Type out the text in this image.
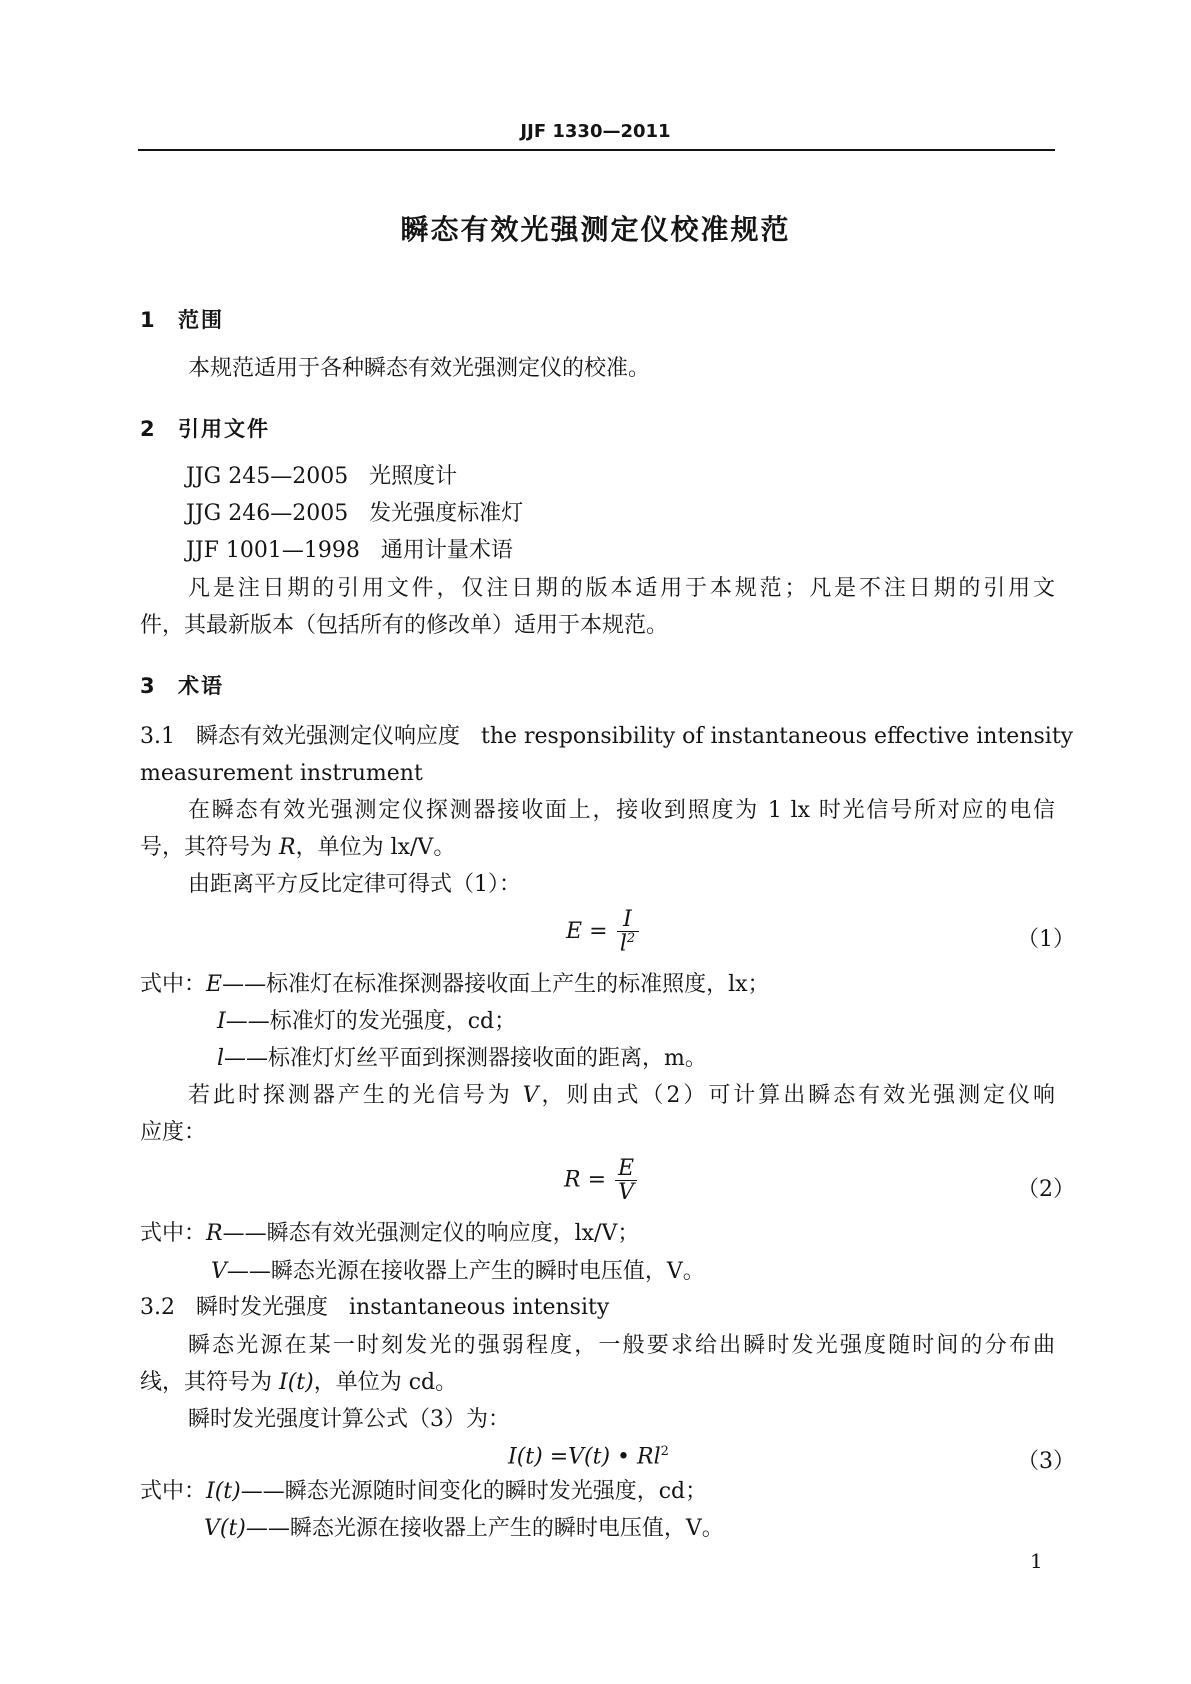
JJF 1330—2011
瞬态有效光强测定仪校准规范
1 范围
本规范适用于各种瞬态有效光强测定仪的校准。
2 引用文件
JJG 245—2005 光照度计
JJG 246—2005 发光强度标准灯
JJF 1001—1998 通用计量术语
凡是注日期的引用文件，仅注日期的版本适用于本规范；凡是不注日期的引用文
件，其最新版本（包括所有的修改单）适用于本规范。
3 术语
3.1 瞬态有效光强测定仪响应度 the responsibility of instantaneous effective intensity
measurement instrument
在瞬态有效光强测定仪探测器接收面上，接收到照度为 1 lx 时光信号所对应的电信
号，其符号为 R，单位为 lx/V。
由距离平方反比定律可得式（1）：
$E = \frac{I}{l^2}$	（1）
式中：E——标准灯在标准探测器接收面上产生的标准照度，lx；
I——标准灯的发光强度，cd；
l——标准灯灯丝平面到探测器接收面的距离，m。
若此时探测器产生的光信号为 V，则由式（2）可计算出瞬态有效光强测定仪响
应度：
$R = \frac{E}{V}$	（2）
式中：R——瞬态有效光强测定仪的响应度，lx/V；
V——瞬态光源在接收器上产生的瞬时电压值，V。
3.2 瞬时发光强度 instantaneous intensity
瞬态光源在某一时刻发光的强弱程度，一般要求给出瞬时发光强度随时间的分布曲
线，其符号为 I(t)，单位为 cd。
瞬时发光强度计算公式（3）为：
I(t) =V(t) • Rl$^2$	（3）
式中：I(t)——瞬态光源随时间变化的瞬时发光强度，cd；
V(t)——瞬态光源在接收器上产生的瞬时电压值，V。
1
